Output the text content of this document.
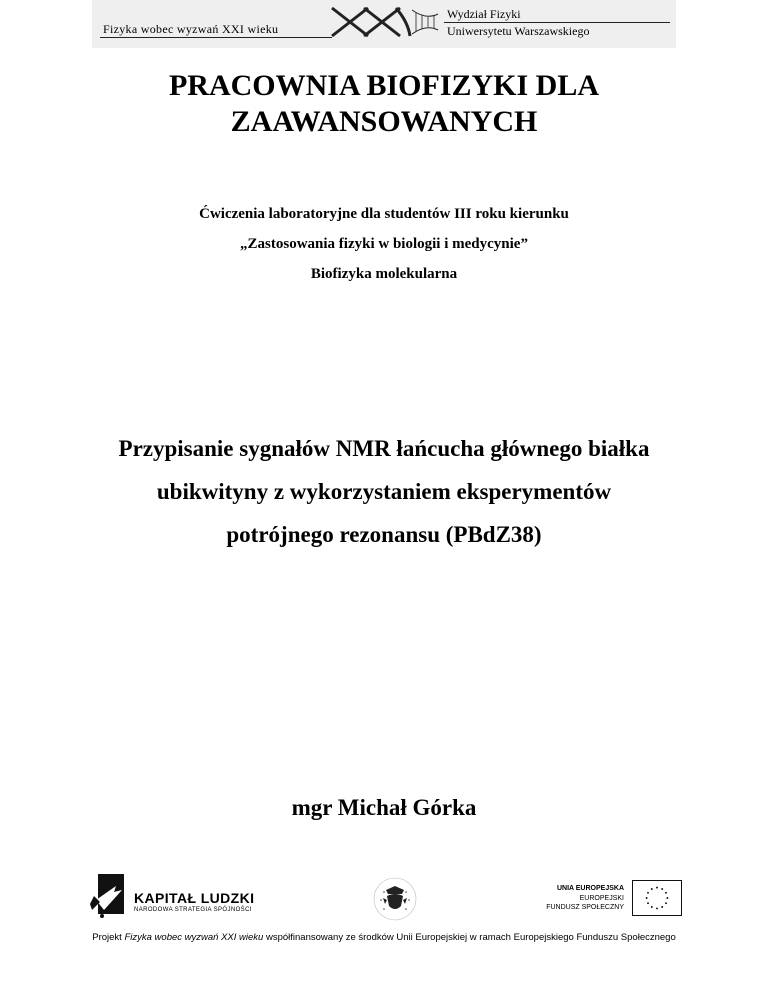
Fizyka wobec wyzwań XXI wieku
Wydział Fizyki
Uniwersytetu Warszawskiego
PRACOWNIA BIOFIZYKI DLA
ZAAWANSOWANYCH
Ćwiczenia laboratoryjne dla studentów III roku kierunku
„Zastosowania fizyki w biologii i medycynie”
Biofizyka molekularna
Przypisanie sygnałów NMR łańcucha głównego białka
ubikwityny z wykorzystaniem eksperymentów
potrójnego rezonansu (PBdZ38)
mgr Michał Górka
KAPITAŁ LUDZKI
NARODOWA STRATEGIA SPÓJNOŚCI
UNIA EUROPEJSKA
EUROPEJSKI
FUNDUSZ SPOŁECZNY
Projekt Fizyka wobec wyzwań XXI wieku współfinansowany ze środków Unii Europejskiej w ramach Europejskiego Funduszu Społecznego
